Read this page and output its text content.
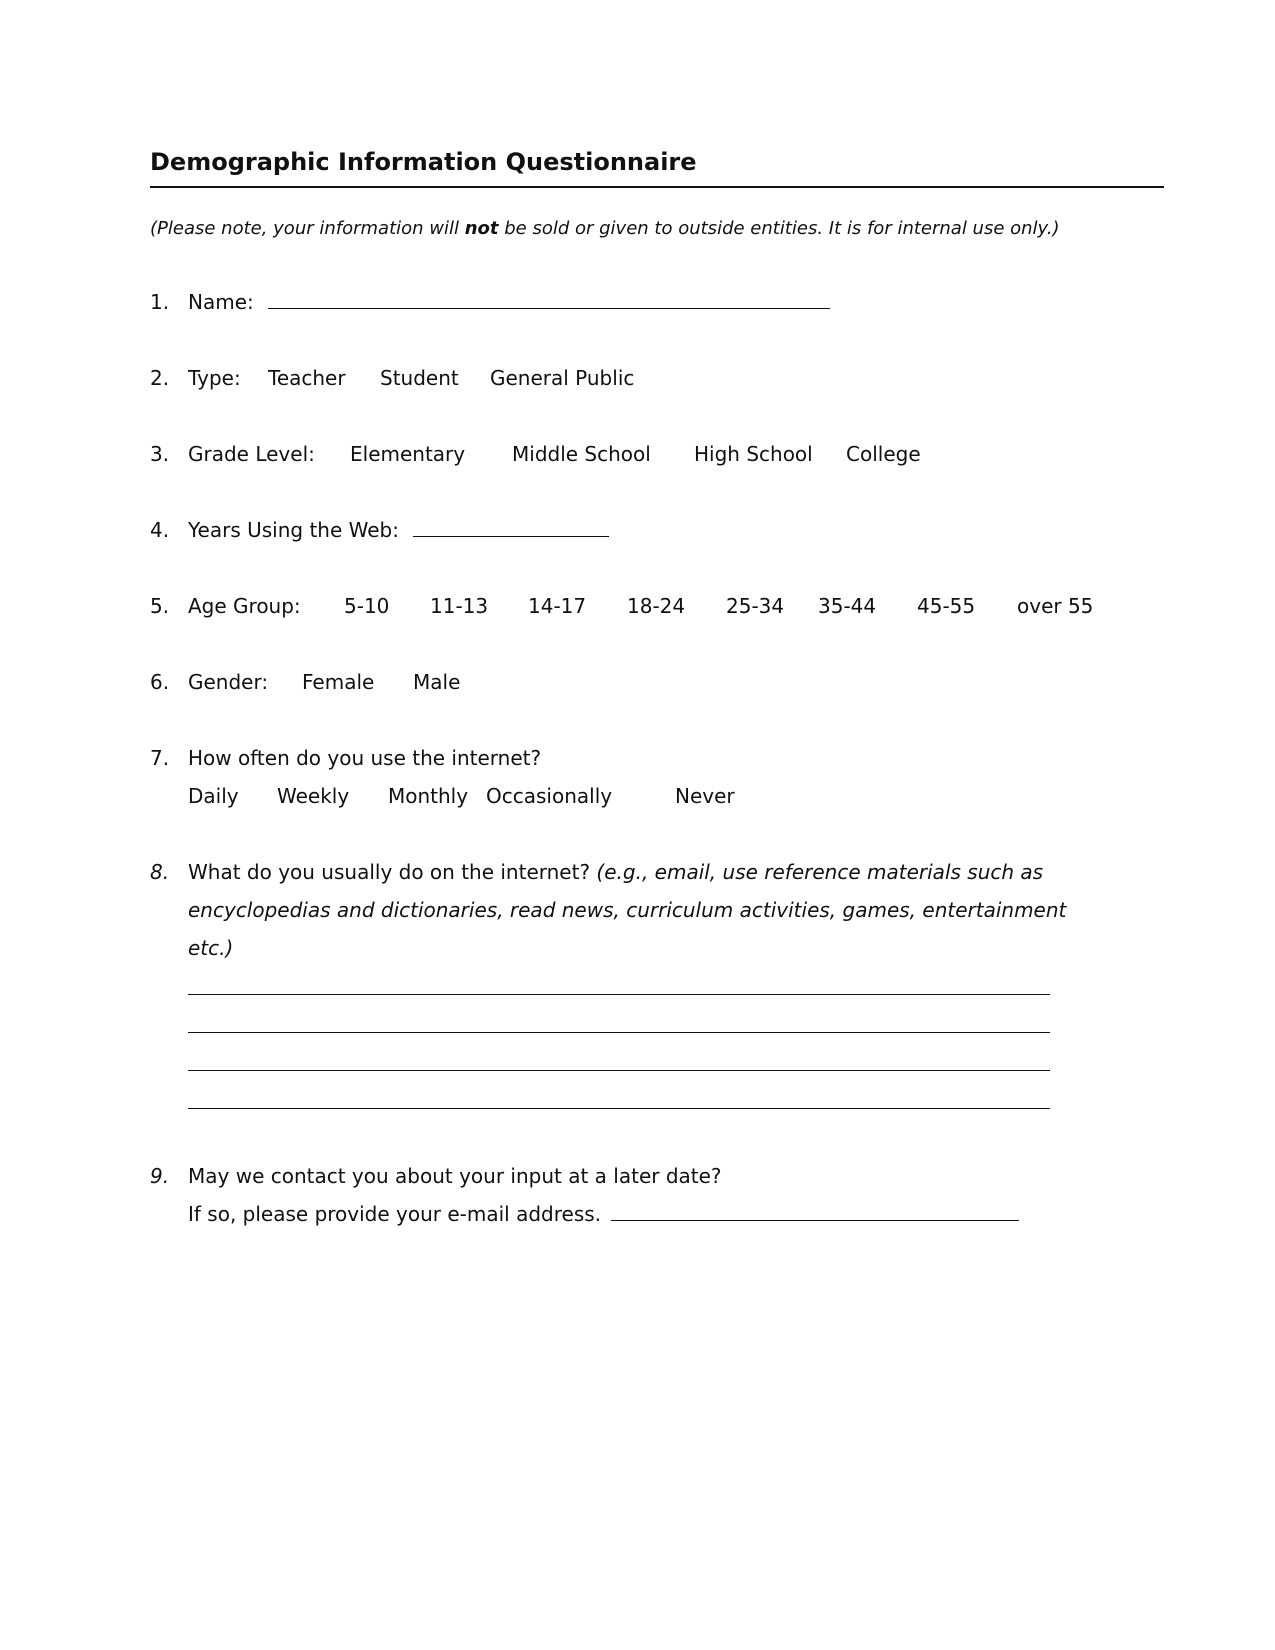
Demographic Information Questionnaire
(Please note, your information will not be sold or given to outside entities. It is for internal use only.)
1. Name:
2. Type: Teacher Student General Public
3. Grade Level: Elementary Middle School High School College
4. Years Using the Web:
5. Age Group: 5-10 11-13 14-17 18-24 25-34 35-44 45-55 over 55
6. Gender: Female Male
7. How often do you use the internet?
Daily Weekly Monthly Occasionally	Never
8. What do you usually do on the internet? (e.g., email, use reference materials such as
encyclopedias and dictionaries, read news, curriculum activities, games, entertainment
etc.)
9. May we contact you about your input at a later date?
If so, please provide your e-mail address.
